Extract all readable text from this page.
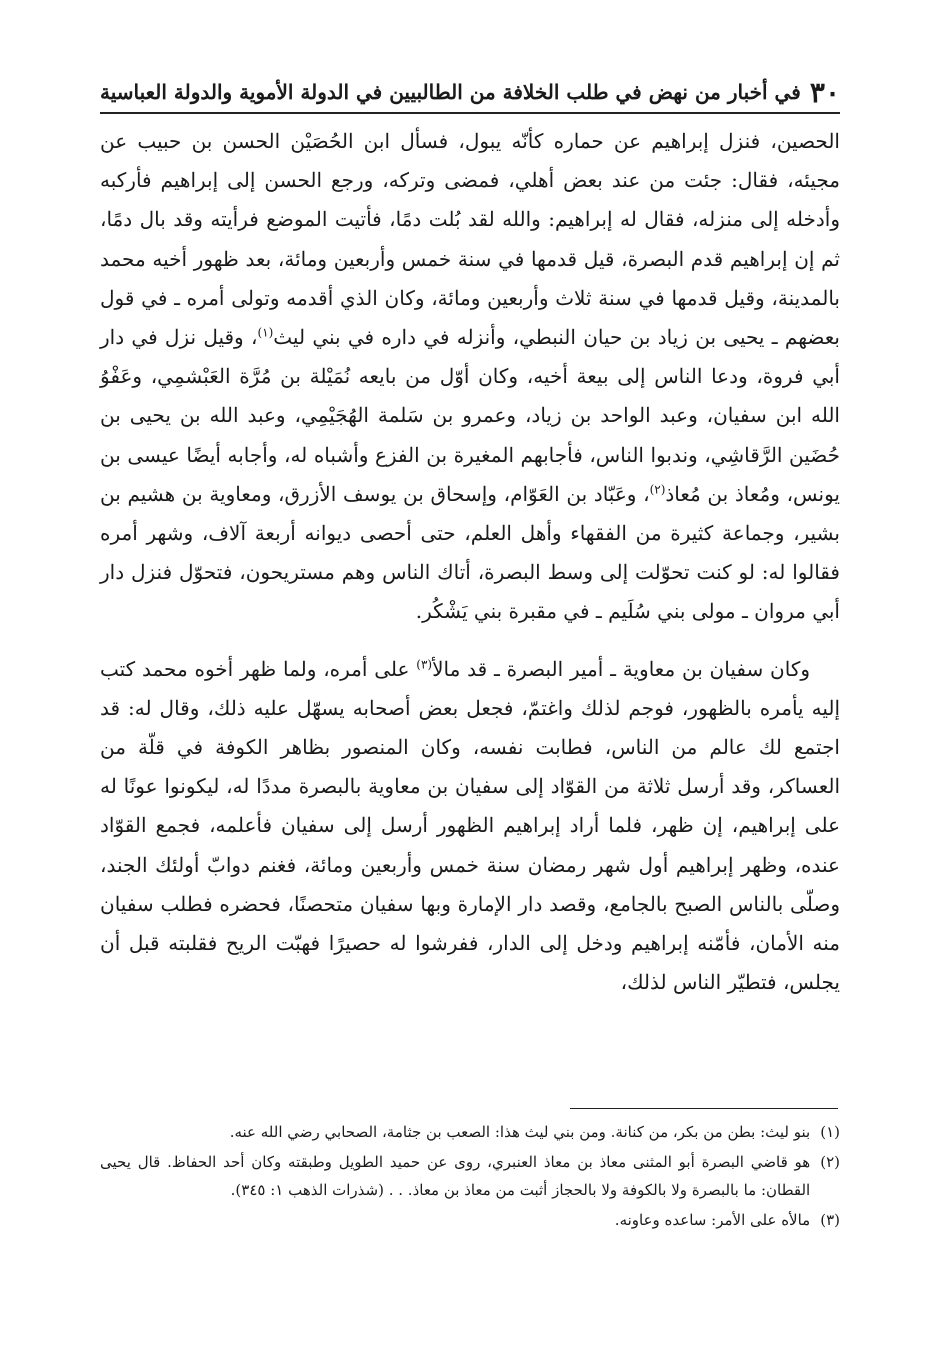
٣٠
في أخبار من نهض في طلب الخلافة من الطالبيين في الدولة الأموية والدولة العباسية

الحصين، فنزل إبراهيم عن حماره كأنّه يبول، فسأل ابن الحُصَيْن الحسن بن حبيب عن مجيئه، فقال: جئت من عند بعض أهلي، فمضى وتركه، ورجع الحسن إلى إبراهيم فأركبه وأدخله إلى منزله، فقال له إبراهيم: والله لقد بُلت دمًا، فأتيت الموضع فرأيته وقد بال دمًا، ثم إن إبراهيم قدم البصرة، قيل قدمها في سنة خمس وأربعين ومائة، بعد ظهور أخيه محمد بالمدينة، وقيل قدمها في سنة ثلاث وأربعين ومائة، وكان الذي أقدمه وتولى أمره ـ في قول بعضهم ـ يحيى بن زياد بن حيان النبطي، وأنزله في داره في بني ليث$^{(١)}$، وقيل نزل في دار أبي فروة، ودعا الناس إلى بيعة أخيه، وكان أوّل من بايعه نُمَيْلة بن مُرَّة العَبْشمِي، وعَفْوُ الله ابن سفيان، وعبد الواحد بن زياد، وعمرو بن سَلمة الهُجَيْمِي، وعبد الله بن يحيى بن حُضَين الرَّقاشِي، وندبوا الناس، فأجابهم المغيرة بن الفزع وأشباه له، وأجابه أيضًا عيسى بن يونس، ومُعاذ بن مُعاذ$^{(٢)}$، وعَبّاد بن العَوّام، وإسحاق بن يوسف الأزرق، ومعاوية بن هشيم بن بشير، وجماعة كثيرة من الفقهاء وأهل العلم، حتى أحصى ديوانه أربعة آلاف، وشهر أمره فقالوا له: لو كنت تحوّلت إلى وسط البصرة، أتاك الناس وهم مستريحون، فتحوّل فنزل دار أبي مروان ـ مولى بني سُلَيم ـ في مقبرة بني يَشْكُر.

وكان سفيان بن معاوية ـ أمير البصرة ـ قد مالأ$^{(٣)}$ على أمره، ولما ظهر أخوه محمد كتب إليه يأمره بالظهور، فوجم لذلك واغتمّ، فجعل بعض أصحابه يسهّل عليه ذلك، وقال له: قد اجتمع لك عالم من الناس، فطابت نفسه، وكان المنصور بظاهر الكوفة في قلّة من العساكر، وقد أرسل ثلاثة من القوّاد إلى سفيان بن معاوية بالبصرة مددًا له، ليكونوا عونًا له على إبراهيم، إن ظهر، فلما أراد إبراهيم الظهور أرسل إلى سفيان فأعلمه، فجمع القوّاد عنده، وظهر إبراهيم أول شهر رمضان سنة خمس وأربعين ومائة، فغنم دوابّ أولئك الجند، وصلّى بالناس الصبح بالجامع، وقصد دار الإمارة وبها سفيان متحصنًا، فحضره فطلب سفيان منه الأمان، فأمّنه إبراهيم ودخل إلى الدار، ففرشوا له حصيرًا فهبّت الريح فقلبته قبل أن يجلس، فتطيّر الناس لذلك،

(١)
بنو ليث: بطن من بكر، من كنانة. ومن بني ليث هذا: الصعب بن جثامة، الصحابي رضي الله عنه.
(٢)
هو قاضي البصرة أبو المثنى معاذ بن معاذ العنبري، روى عن حميد الطويل وطبقته وكان أحد الحفاظ. قال يحيى القطان: ما بالبصرة ولا بالكوفة ولا بالحجاز أثبت من معاذ بن معاذ. . . (شذرات الذهب ١: ٣٤٥).
(٣)
مالأه على الأمر: ساعده وعاونه.
